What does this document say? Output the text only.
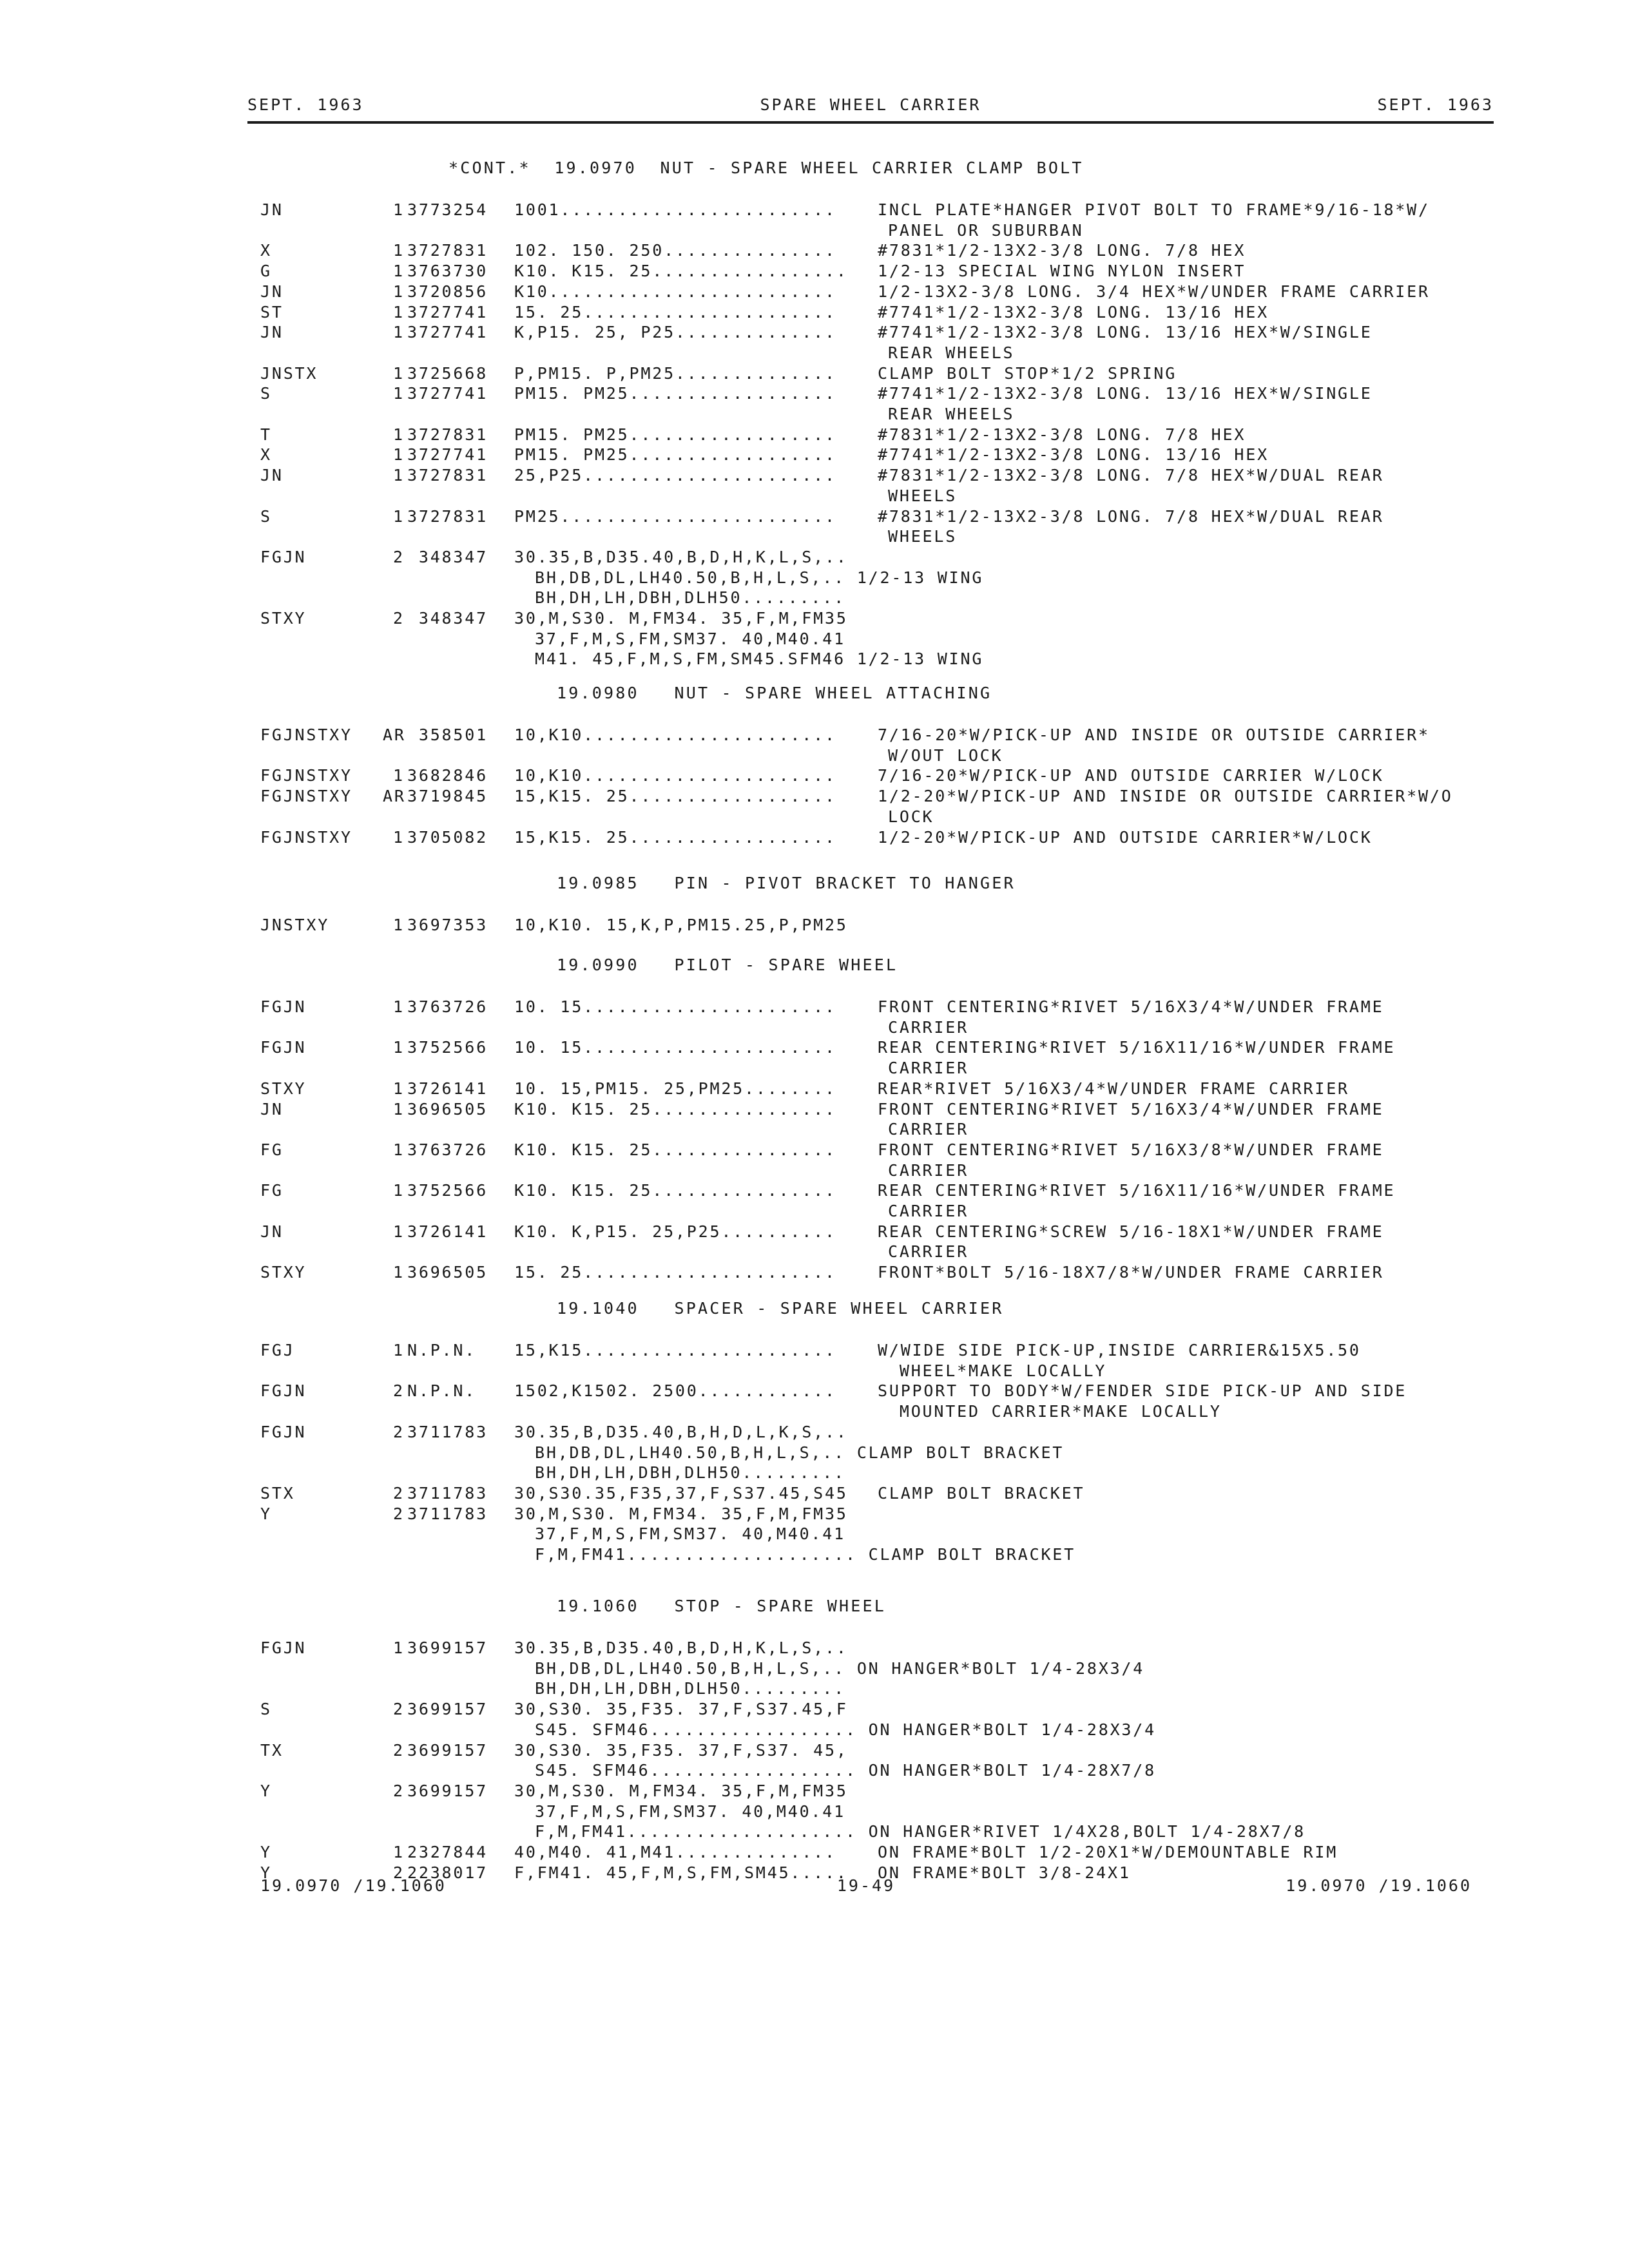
SEPT. 1963	SPARE WHEEL CARRIER	SEPT. 1963
*CONT.*  19.0970  NUT - SPARE WHEEL CARRIER CLAMP BOLT
JN	1 3773254 1001........................	INCL PLATE*HANGER PIVOT BOLT TO FRAME*9/16-18*W/
PANEL OR SUBURBAN
X	1 3727831 102. 150. 250...............	#7831*1/2-13X2-3/8 LONG. 7/8 HEX
G	1 3763730 K10. K15. 25................. 1/2-13 SPECIAL WING NYLON INSERT
JN	1 3720856 K10.........................	1/2-13X2-3/8 LONG. 3/4 HEX*W/UNDER FRAME CARRIER
ST	1 3727741 15. 25......................	#7741*1/2-13X2-3/8 LONG. 13/16 HEX
JN	1 3727741 K,P15. 25, P25..............	#7741*1/2-13X2-3/8 LONG. 13/16 HEX*W/SINGLE
REAR WHEELS
JNSTX	1 3725668 P,PM15. P,PM25..............	CLAMP BOLT STOP*1/2 SPRING
S	1 3727741 PM15. PM25..................	#7741*1/2-13X2-3/8 LONG. 13/16 HEX*W/SINGLE
REAR WHEELS
T	1 3727831 PM15. PM25..................	#7831*1/2-13X2-3/8 LONG. 7/8 HEX
X	1 3727741 PM15. PM25..................	#7741*1/2-13X2-3/8 LONG. 13/16 HEX
JN	1 3727831 25,P25......................	#7831*1/2-13X2-3/8 LONG. 7/8 HEX*W/DUAL REAR
WHEELS
S	1 3727831 PM25........................	#7831*1/2-13X2-3/8 LONG. 7/8 HEX*W/DUAL REAR
WHEELS
FGJN	2 348347 30.35,B,D35.40,B,D,H,K,L,S,..
BH,DB,DL,LH40.50,B,H,L,S,.. 1/2-13 WING
BH,DH,LH,DBH,DLH50.........
STXY	2 348347 30,M,S30. M,FM34. 35,F,M,FM35
37,F,M,S,FM,SM37. 40,M40.41
M41. 45,F,M,S,FM,SM45.SFM46 1/2-13 WING
19.0980   NUT - SPARE WHEEL ATTACHING
FGJNSTXY AR 358501 10,K10......................	7/16-20*W/PICK-UP AND INSIDE OR OUTSIDE CARRIER*
W/OUT LOCK
FGJNSTXY	1 3682846 10,K10......................	7/16-20*W/PICK-UP AND OUTSIDE CARRIER W/LOCK
FGJNSTXY AR 3719845 15,K15. 25..................	1/2-20*W/PICK-UP AND INSIDE OR OUTSIDE CARRIER*W/O
LOCK
FGJNSTXY	1 3705082 15,K15. 25..................	1/2-20*W/PICK-UP AND OUTSIDE CARRIER*W/LOCK
19.0985   PIN - PIVOT BRACKET TO HANGER
JNSTXY	1 3697353 10,K10. 15,K,P,PM15.25,P,PM25
19.0990   PILOT - SPARE WHEEL
FGJN	1 3763726 10. 15......................	FRONT CENTERING*RIVET 5/16X3/4*W/UNDER FRAME
CARRIER
FGJN	1 3752566 10. 15......................	REAR CENTERING*RIVET 5/16X11/16*W/UNDER FRAME
CARRIER
STXY	1 3726141 10. 15,PM15. 25,PM25........	REAR*RIVET 5/16X3/4*W/UNDER FRAME CARRIER
JN	1 3696505 K10. K15. 25................	FRONT CENTERING*RIVET 5/16X3/4*W/UNDER FRAME
CARRIER
FG	1 3763726 K10. K15. 25................	FRONT CENTERING*RIVET 5/16X3/8*W/UNDER FRAME
CARRIER
FG	1 3752566 K10. K15. 25................	REAR CENTERING*RIVET 5/16X11/16*W/UNDER FRAME
CARRIER
JN	1 3726141 K10. K,P15. 25,P25..........	REAR CENTERING*SCREW 5/16-18X1*W/UNDER FRAME
CARRIER
STXY	1 3696505 15. 25......................	FRONT*BOLT 5/16-18X7/8*W/UNDER FRAME CARRIER
19.1040   SPACER - SPARE WHEEL CARRIER
FGJ	1 N.P.N. 15,K15......................	W/WIDE SIDE PICK-UP,INSIDE CARRIER&15X5.50
WHEEL*MAKE LOCALLY
FGJN	2 N.P.N. 1502,K1502. 2500............	SUPPORT TO BODY*W/FENDER SIDE PICK-UP AND SIDE
MOUNTED CARRIER*MAKE LOCALLY
FGJN	2 3711783 30.35,B,D35.40,B,H,D,L,K,S,..
BH,DB,DL,LH40.50,B,H,L,S,.. CLAMP BOLT BRACKET
BH,DH,LH,DBH,DLH50.........
STX	2 3711783 30,S30.35,F35,37,F,S37.45,S45 CLAMP BOLT BRACKET
Y	2 3711783 30,M,S30. M,FM34. 35,F,M,FM35
37,F,M,S,FM,SM37. 40,M40.41
F,M,FM41.................... CLAMP BOLT BRACKET
19.1060   STOP - SPARE WHEEL
FGJN	1 3699157 30.35,B,D35.40,B,D,H,K,L,S,..
BH,DB,DL,LH40.50,B,H,L,S,.. ON HANGER*BOLT 1/4-28X3/4
BH,DH,LH,DBH,DLH50.........
S	2 3699157 30,S30. 35,F35. 37,F,S37.45,F
S45. SFM46.................. ON HANGER*BOLT 1/4-28X3/4
TX	2 3699157 30,S30. 35,F35. 37,F,S37. 45,
S45. SFM46.................. ON HANGER*BOLT 1/4-28X7/8
Y	2 3699157 30,M,S30. M,FM34. 35,F,M,FM35
37,F,M,S,FM,SM37. 40,M40.41
F,M,FM41.................... ON HANGER*RIVET 1/4X28,BOLT 1/4-28X7/8
Y	1 2327844 40,M40. 41,M41..............	ON FRAME*BOLT 1/2-20X1*W/DEMOUNTABLE RIM
Y	2 2238017 F,FM41. 45,F,M,S,FM,SM45..... ON FRAME*BOLT 3/8-24X1
19.0970 /19.1060	19-49	19.0970 /19.1060
